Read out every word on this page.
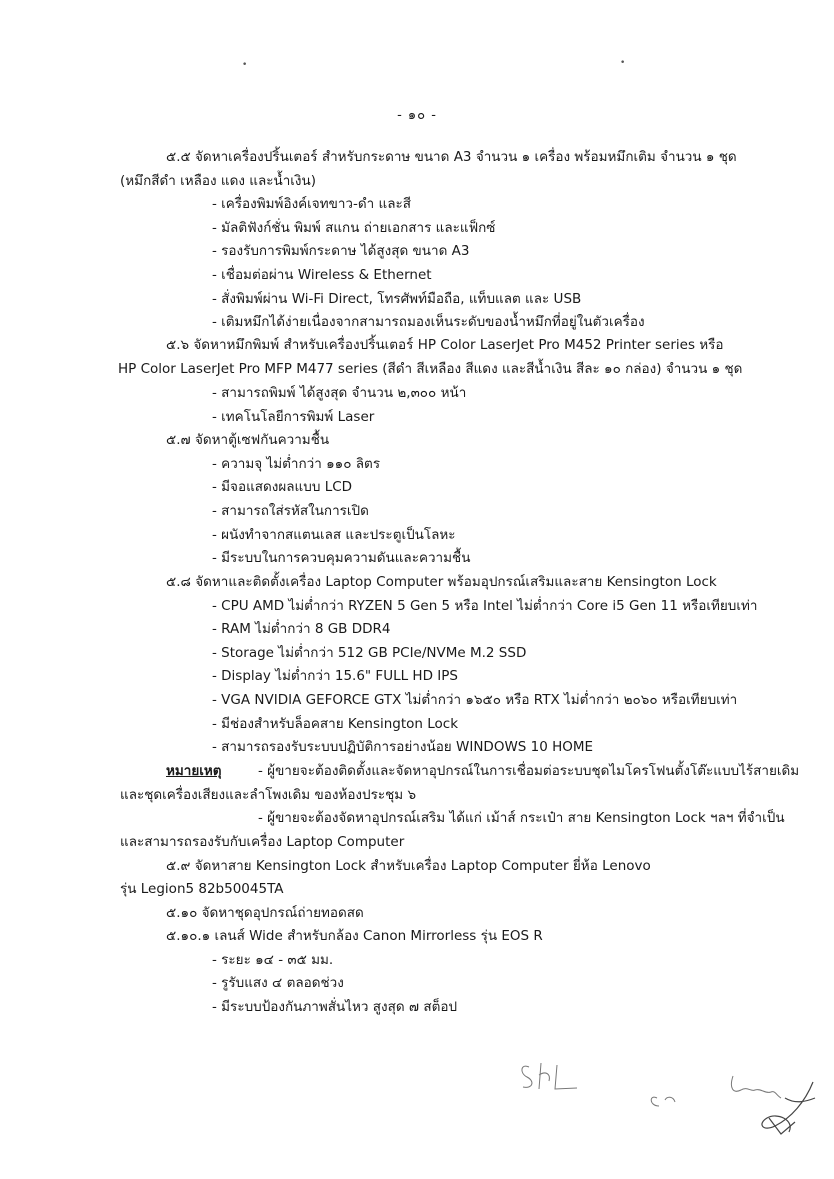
•	•
- ๑๐ -
๕.๕ จัดหาเครื่องปริ้นเตอร์ สำหรับกระดาษ ขนาด A3 จำนวน ๑ เครื่อง พร้อมหมึกเติม จำนวน ๑ ชุด
(หมึกสีดำ เหลือง แดง และน้ำเงิน)
- เครื่องพิมพ์อิงค์เจทขาว-ดำ และสี
- มัลติฟังก์ชั่น พิมพ์ สแกน ถ่ายเอกสาร และแฟ็กซ์
- รองรับการพิมพ์กระดาษ ได้สูงสุด ขนาด A3
- เชื่อมต่อผ่าน Wireless & Ethernet
- สั่งพิมพ์ผ่าน Wi-Fi Direct, โทรศัพท์มือถือ, แท็บแลต และ USB
- เติมหมึกได้ง่ายเนื่องจากสามารถมองเห็นระดับของน้ำหมึกที่อยู่ในตัวเครื่อง
๕.๖ จัดหาหมึกพิมพ์ สำหรับเครื่องปริ้นเตอร์ HP Color LaserJet Pro M452 Printer series หรือ
HP Color LaserJet Pro MFP M477 series (สีดำ สีเหลือง สีแดง และสีน้ำเงิน สีละ ๑๐ กล่อง) จำนวน ๑ ชุด
- สามารถพิมพ์ ได้สูงสุด จำนวน ๒,๓๐๐ หน้า
- เทคโนโลยีการพิมพ์ Laser
๕.๗ จัดหาตู้เซฟกันความชื้น
- ความจุ ไม่ต่ำกว่า ๑๑๐ ลิตร
- มีจอแสดงผลแบบ LCD
- สามารถใส่รหัสในการเปิด
- ผนังทำจากสแตนเลส และประตูเป็นโลหะ
- มีระบบในการควบคุมความดันและความชื้น
๕.๘ จัดหาและติดตั้งเครื่อง Laptop Computer พร้อมอุปกรณ์เสริมและสาย Kensington Lock
- CPU AMD ไม่ต่ำกว่า RYZEN 5 Gen 5 หรือ Intel ไม่ต่ำกว่า Core i5 Gen 11 หรือเทียบเท่า
- RAM ไม่ต่ำกว่า 8 GB DDR4
- Storage ไม่ต่ำกว่า 512 GB PCIe/NVMe M.2 SSD
- Display ไม่ต่ำกว่า 15.6" FULL HD IPS
- VGA NVIDIA GEFORCE GTX ไม่ต่ำกว่า ๑๖๕๐ หรือ RTX ไม่ต่ำกว่า ๒๐๖๐ หรือเทียบเท่า
- มีช่องสำหรับล็อคสาย Kensington Lock
- สามารถรองรับระบบปฏิบัติการอย่างน้อย WINDOWS 10 HOME
หมายเหตุ	- ผู้ขายจะต้องติดตั้งและจัดหาอุปกรณ์ในการเชื่อมต่อระบบชุดไมโครโฟนตั้งโต๊ะแบบไร้สายเดิม
และชุดเครื่องเสียงและลำโพงเดิม ของห้องประชุม ๖
- ผู้ขายจะต้องจัดหาอุปกรณ์เสริม ได้แก่ เม้าส์ กระเป๋า สาย Kensington Lock ฯลฯ ที่จำเป็น
และสามารถรองรับกับเครื่อง Laptop Computer
๕.๙ จัดหาสาย Kensington Lock สำหรับเครื่อง Laptop Computer ยี่ห้อ Lenovo
รุ่น Legion5 82b50045TA
๕.๑๐ จัดหาชุดอุปกรณ์ถ่ายทอดสด
๕.๑๐.๑ เลนส์ Wide สำหรับกล้อง Canon Mirrorless รุ่น EOS R
- ระยะ ๑๔ - ๓๕ มม.
- รูรับแสง ๔ ตลอดช่วง
- มีระบบป้องกันภาพสั่นไหว สูงสุด ๗ สต็อป
